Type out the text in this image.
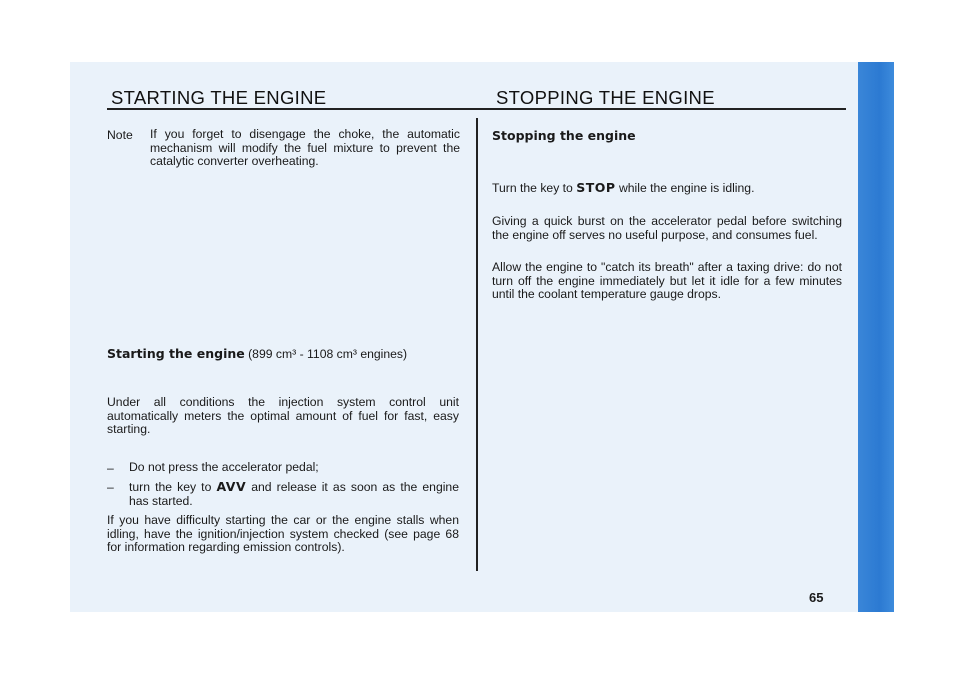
STARTING THE ENGINE	STOPPING THE ENGINE
Note If you forget to disengage the choke, the automatic mechanism will modify the fuel mixture to prevent the catalytic converter overheating.
Starting the engine (899 cm³ - 1108 cm³ engines)
Under all conditions the injection system control unit automatically meters the optimal amount of fuel for fast, easy starting.
– Do not press the accelerator pedal;
– turn the key to AVV and release it as soon as the engine has started.
If you have difficulty starting the car or the engine stalls when idling, have the ignition/injection system checked (see page 68 for information regarding emission controls).
Stopping the engine
Turn the key to STOP while the engine is idling.
Giving a quick burst on the accelerator pedal before switching the engine off serves no useful purpose, and consumes fuel.
Allow the engine to "catch its breath" after a taxing drive: do not turn off the engine immediately but let it idle for a few minutes until the coolant temperature gauge drops.
65
